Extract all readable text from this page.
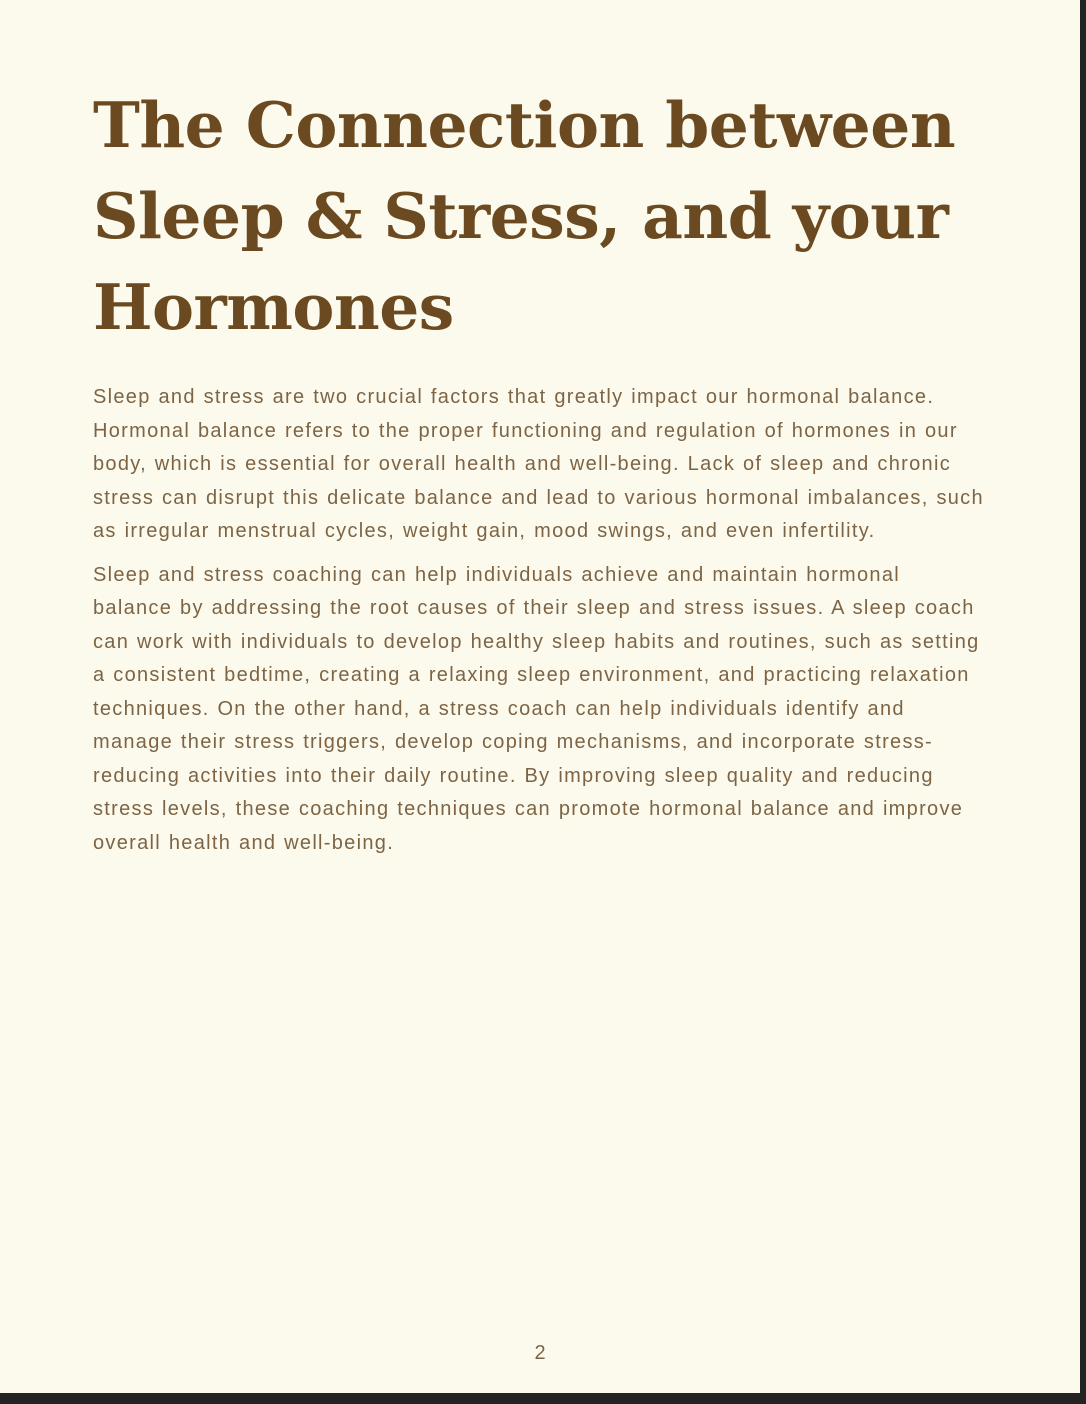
The Connection between
Sleep & Stress, and your
Hormones

Sleep and stress are two crucial factors that greatly impact our hormonal balance. Hormonal balance refers to the proper functioning and regulation of hormones in our body, which is essential for overall health and well-being. Lack of sleep and chronic stress can disrupt this delicate balance and lead to various hormonal imbalances, such as irregular menstrual cycles, weight gain, mood swings, and even infertility.

Sleep and stress coaching can help individuals achieve and maintain hormonal balance by addressing the root causes of their sleep and stress issues. A sleep coach can work with individuals to develop healthy sleep habits and routines, such as setting a consistent bedtime, creating a relaxing sleep environment, and practicing relaxation techniques. On the other hand, a stress coach can help individuals identify and manage their stress triggers, develop coping mechanisms, and incorporate stress-reducing activities into their daily routine. By improving sleep quality and reducing stress levels, these coaching techniques can promote hormonal balance and improve overall health and well-being.

2
